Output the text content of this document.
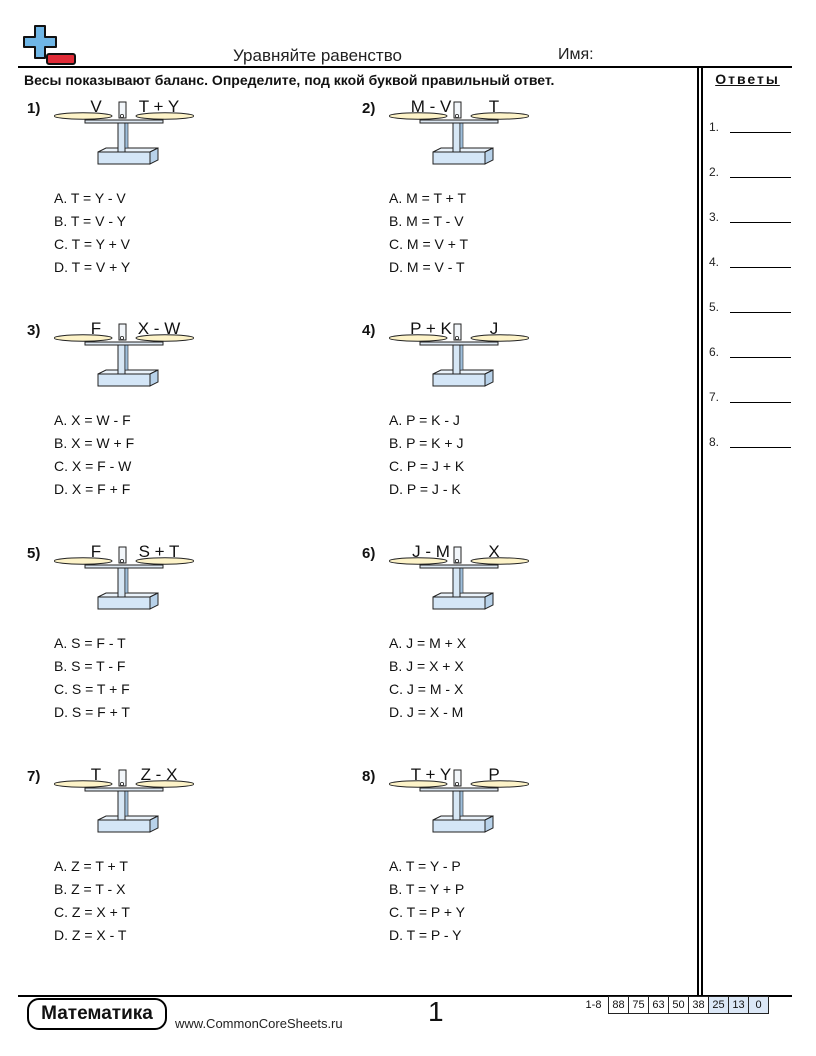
Уравняйте равенство	Имя:
Весы показывают баланс. Определите, под ккой буквой правильный ответ.	Ответы
1.
2.
3.
4.
5.
6.
7.
8.
1)	V	T + Y
A. T = Y - V
B. T = V - Y
C. T = Y + V
D. T = V + Y
2)	M - V	T
A. M = T + T
B. M = T - V
C. M = V + T
D. M = V - T
3)	F	X - W
A. X = W - F
B. X = W + F
C. X = F - W
D. X = F + F
4)	P + K	J
A. P = K - J
B. P = K + J
C. P = J + K
D. P = J - K
5)	F	S + T
A. S = F - T
B. S = T - F
C. S = T + F
D. S = F + T
6)	J - M	X
A. J = M + X
B. J = X + X
C. J = M - X
D. J = X - M
7)	T	Z - X
A. Z = T + T
B. Z = T - X
C. Z = X + T
D. Z = X - T
8)	T + Y	P
A. T = Y - P
B. T = Y + P
C. T = P + Y
D. T = P - Y
Математика	www.CommonCoreSheets.ru	1	1-8 88 75 63 50 38 25 13 0
